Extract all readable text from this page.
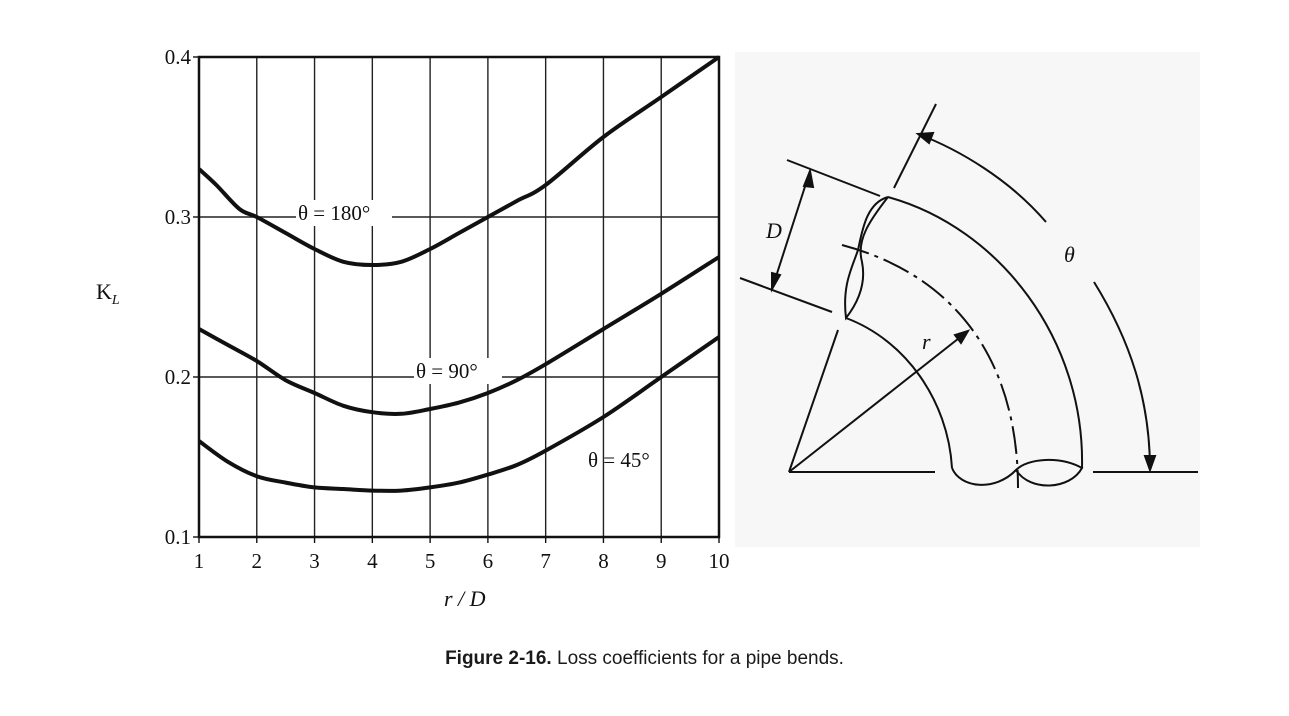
1 2 3 4 5 6 7 8 9 10
0.1
0.2
0.3
0.4
$K_L$
r / D
θ = 180°
θ = 90°
θ = 45°
D
θ
r
Figure 2-16. Loss coefficients for a pipe bends.
